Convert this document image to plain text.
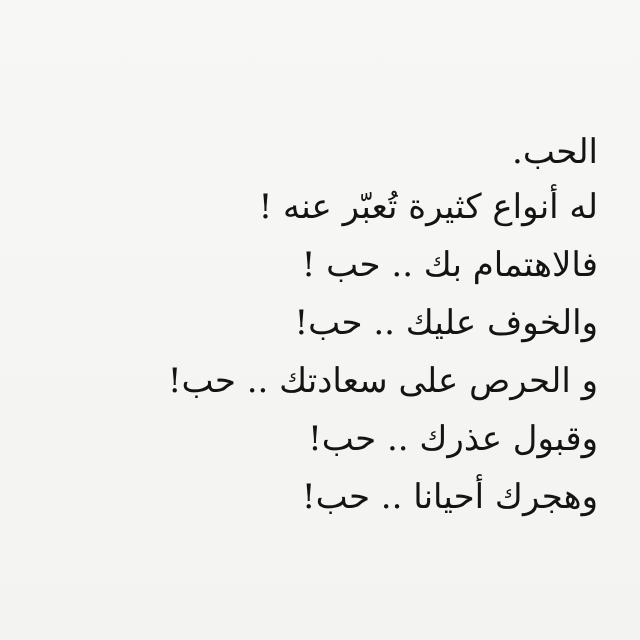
الحب.
له أنواع كثيرة تُعبّر عنه !
فالاهتمام بك .. حب !
والخوف عليك .. حب!
و الحرص على سعادتك .. حب!
وقبول عذرك .. حب!
وهجرك أحيانا .. حب!
